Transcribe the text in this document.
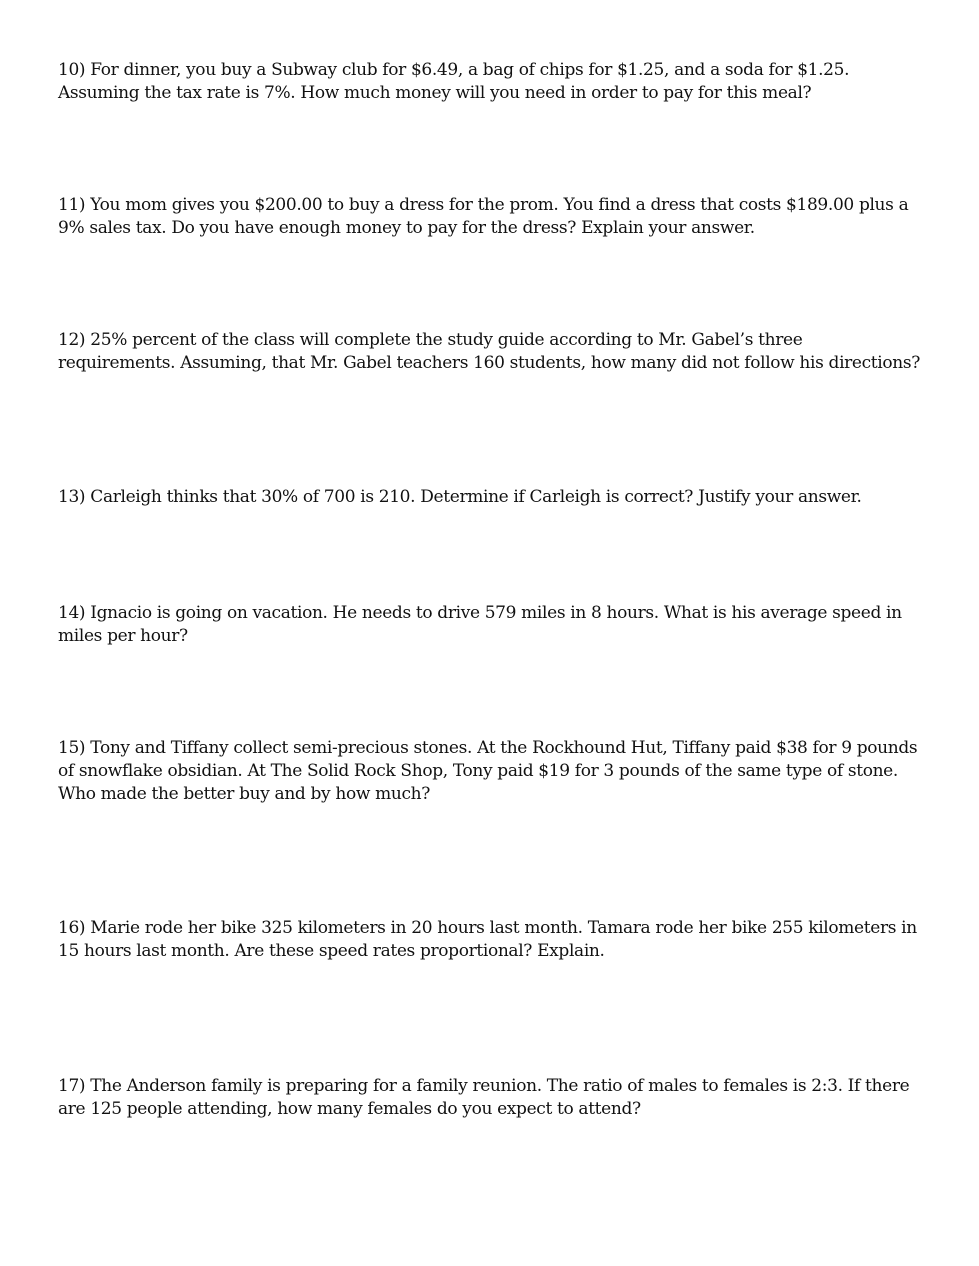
10) For dinner, you buy a Subway club for $6.49, a bag of chips for $1.25, and a soda for $1.25. Assuming the tax rate is 7%. How much money will you need in order to pay for this meal?

11) You mom gives you $200.00 to buy a dress for the prom. You find a dress that costs $189.00 plus a 9% sales tax. Do you have enough money to pay for the dress? Explain your answer.

12) 25% percent of the class will complete the study guide according to Mr. Gabel’s three requirements. Assuming, that Mr. Gabel teachers 160 students, how many did not follow his directions?

13) Carleigh thinks that 30% of 700 is 210. Determine if Carleigh is correct? Justify your answer.

14) Ignacio is going on vacation. He needs to drive 579 miles in 8 hours. What is his average speed in miles per hour?

15) Tony and Tiffany collect semi-precious stones. At the Rockhound Hut, Tiffany paid $38 for 9 pounds of snowflake obsidian. At The Solid Rock Shop, Tony paid $19 for 3 pounds of the same type of stone. Who made the better buy and by how much?

16) Marie rode her bike 325 kilometers in 20 hours last month. Tamara rode her bike 255 kilometers in 15 hours last month. Are these speed rates proportional? Explain.

17) The Anderson family is preparing for a family reunion. The ratio of males to females is 2:3. If there are 125 people attending, how many females do you expect to attend?
